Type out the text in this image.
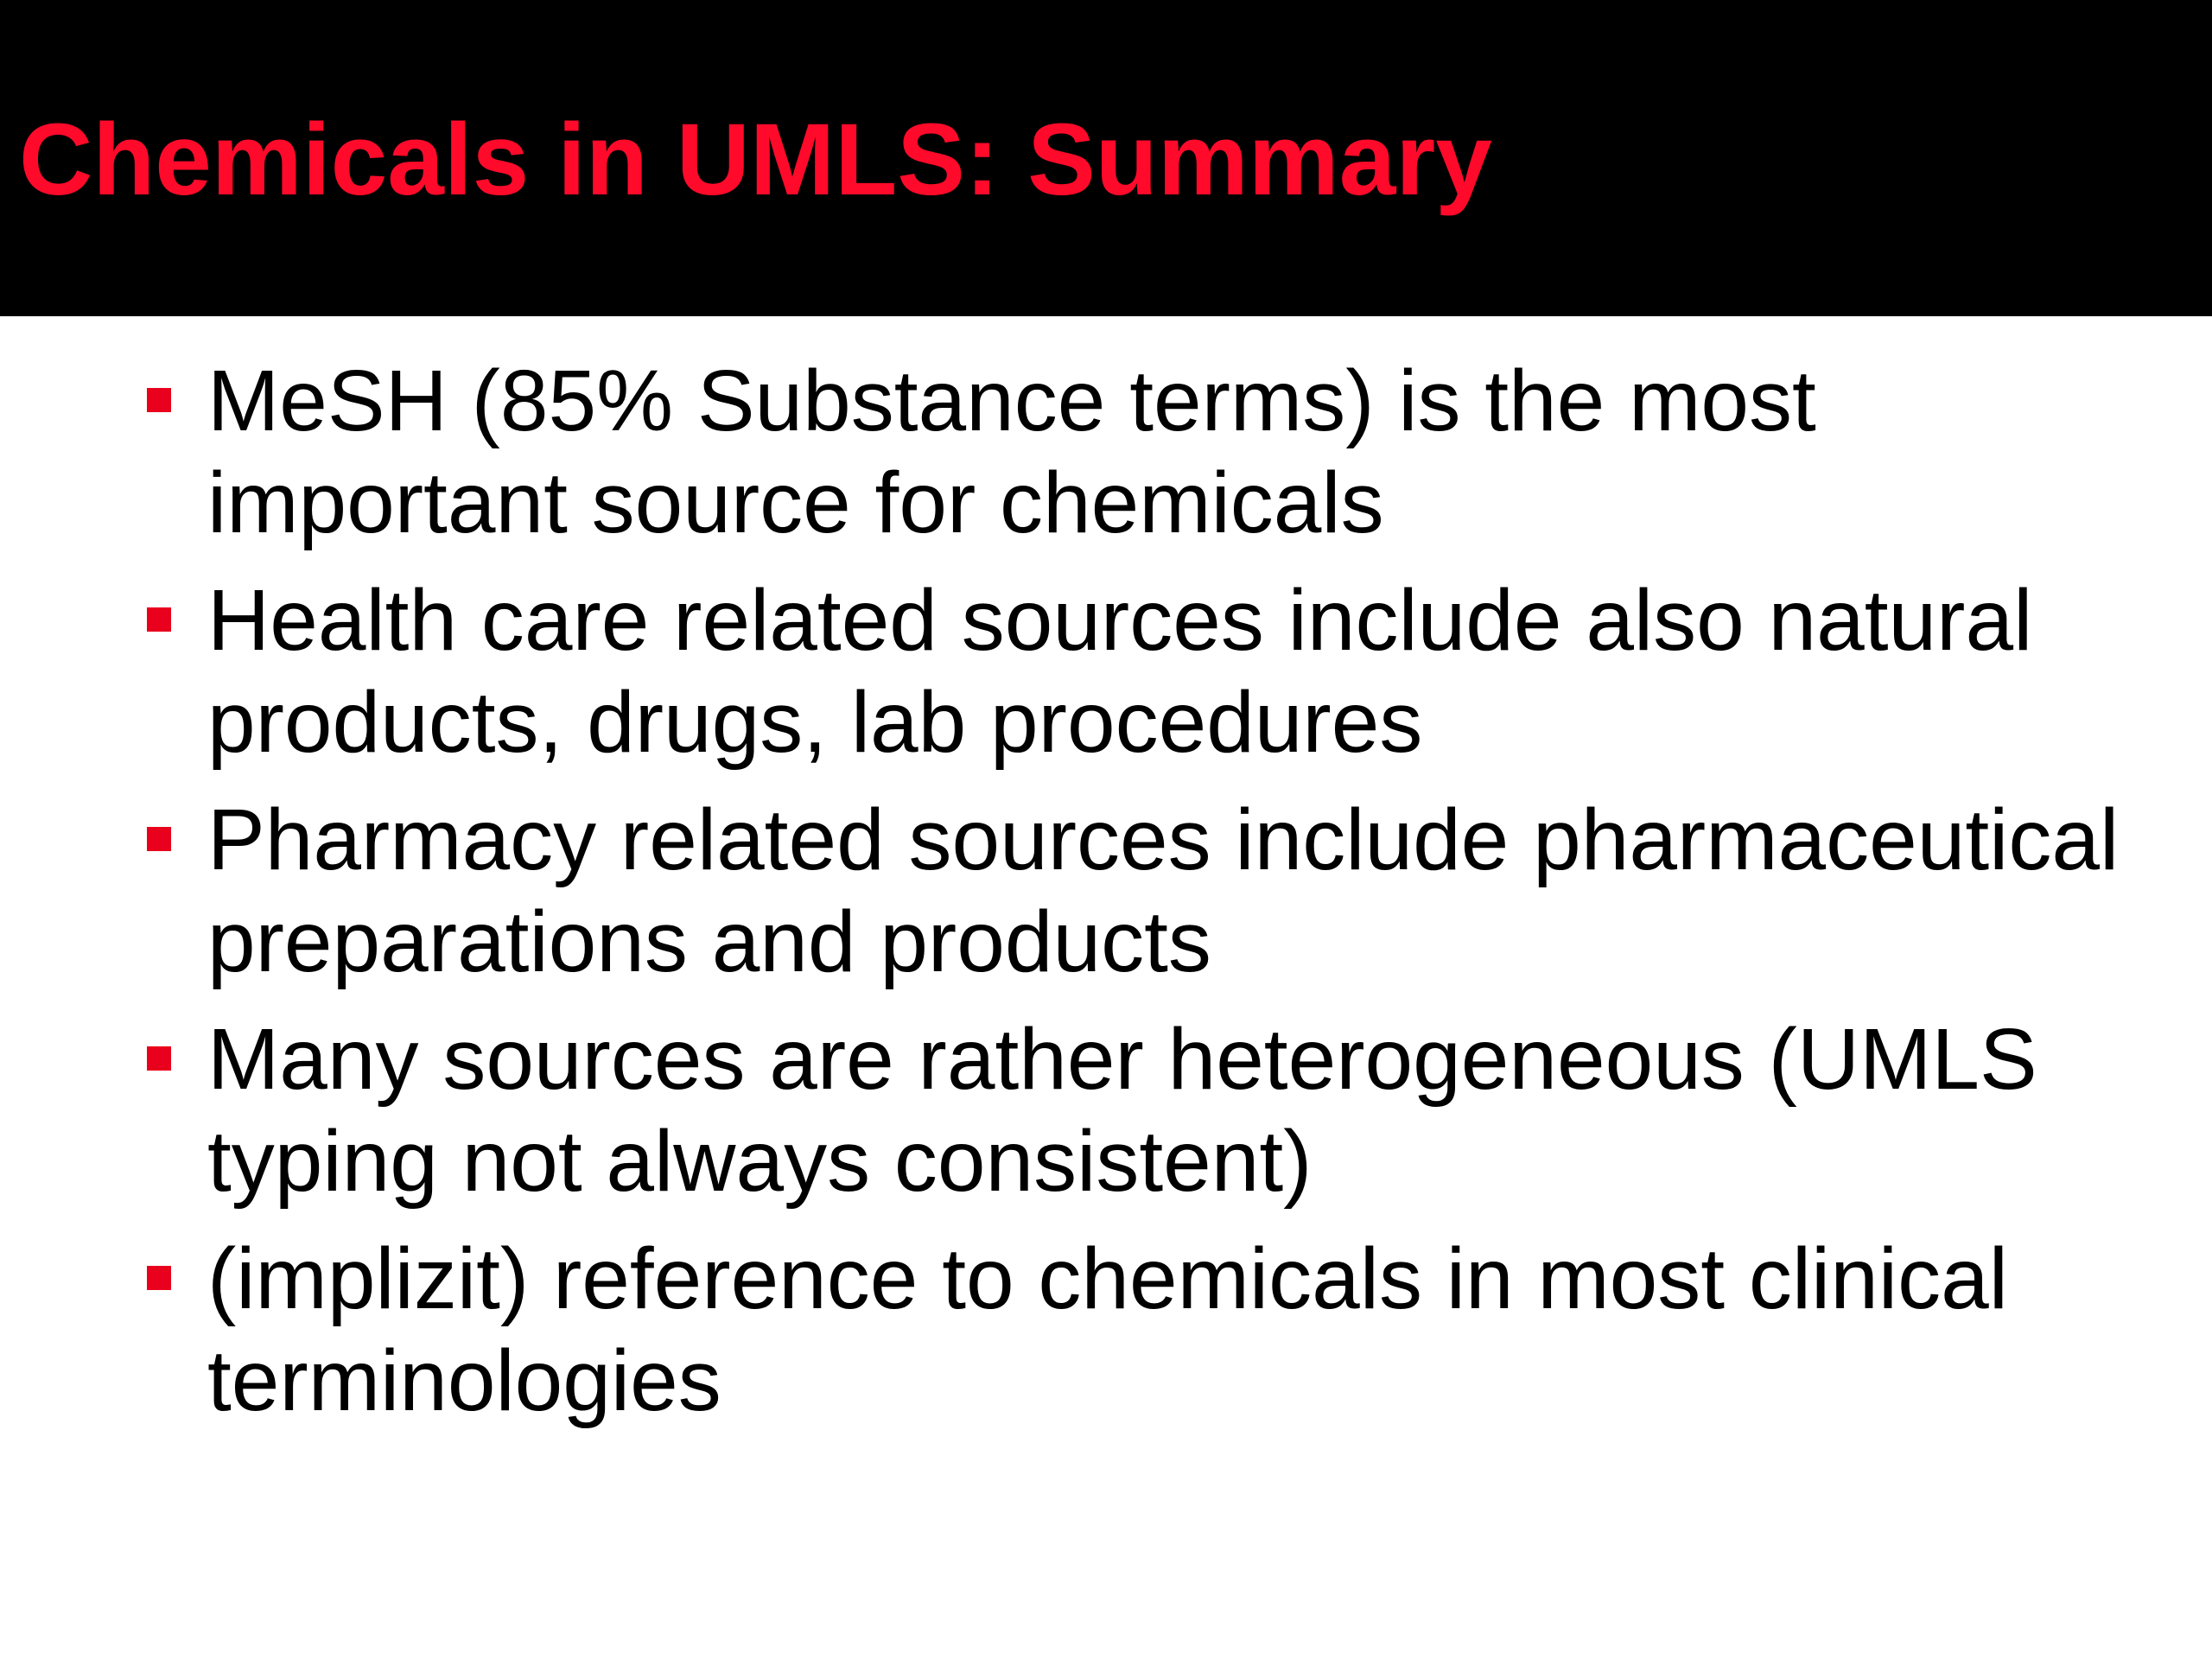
Chemicals in UMLS: Summary
MeSH (85% Substance terms) is the most
important source for chemicals
Health care related sources include also natural
products, drugs, lab procedures
Pharmacy related sources include pharmaceutical
preparations and products
Many sources are rather heterogeneous (UMLS
typing not always consistent)
(implizit) reference to chemicals in most clinical
terminologies
